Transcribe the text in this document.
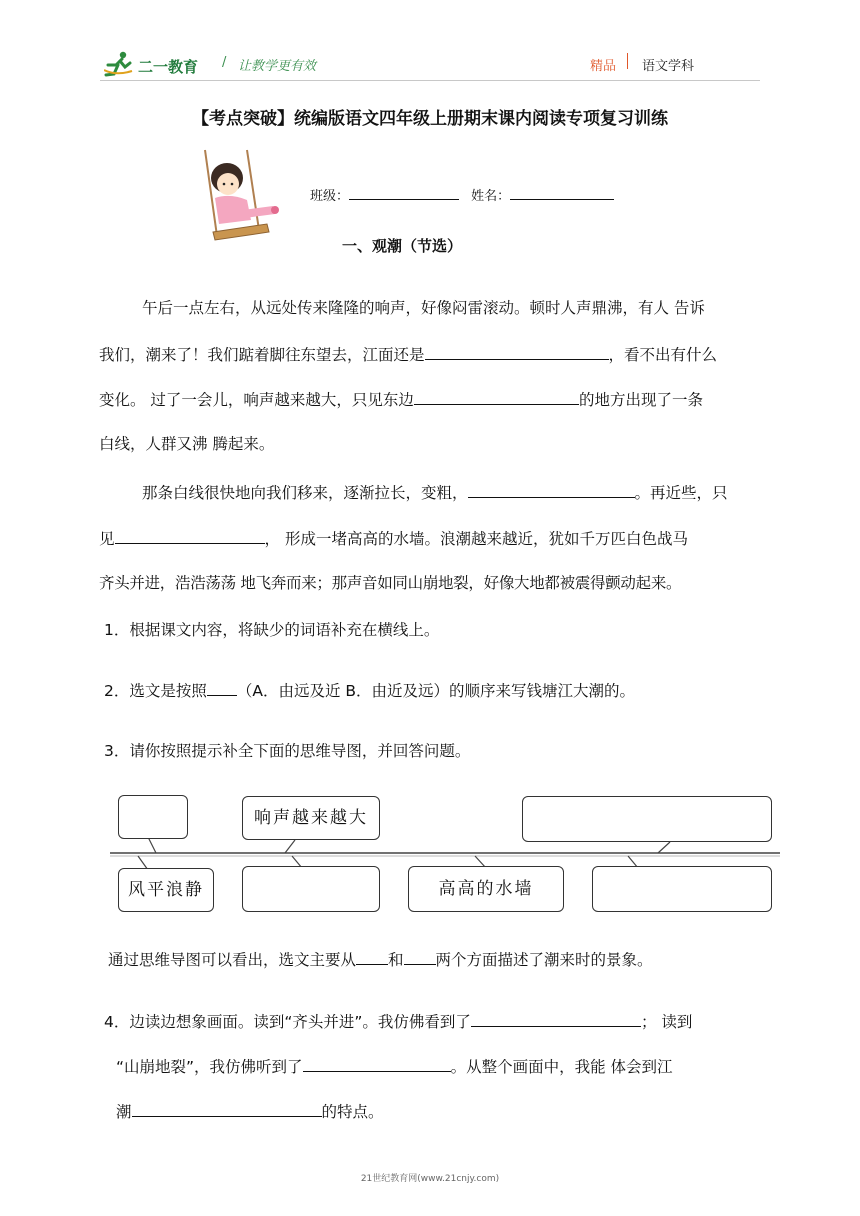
二一教育 / 让教学更有效	精品 语文学科
【考点突破】统编版语文四年级上册期末课内阅读专项复习训练
班级：	姓名：
一、观潮（节选）
午后一点左右，从远处传来隆隆的响声，好像闷雷滚动。顿时人声鼎沸，有人 告诉
我们，潮来了！我们踮着脚往东望去，江面还是	，看不出有什么
变化。 过了一会儿，响声越来越大，只见东边	的地方出现了一条
白线，人群又沸 腾起来。
那条白线很快地向我们移来，逐渐拉长，变粗，	。再近些，只
见	， 形成一堵高高的水墙。浪潮越来越近，犹如千万匹白色战马
齐头并进，浩浩荡荡 地飞奔而来；那声音如同山崩地裂，好像大地都被震得颤动起来。
1．根据课文内容，将缺少的词语补充在横线上。
2．选文是按照 （A．由远及近 B．由近及远）的顺序来写钱塘江大潮的。
3．请你按照提示补全下面的思维导图，并回答问题。
响声越来越大
风平浪静	高高的水墙
通过思维导图可以看出，选文主要从 和 两个方面描述了潮来时的景象。
4．边读边想象画面。读到“齐头并进”。我仿佛看到了	； 读到
“山崩地裂”，我仿佛听到了	。从整个画面中，我能 体会到江
潮	的特点。
21世纪教育网(www.21cnjy.com)
